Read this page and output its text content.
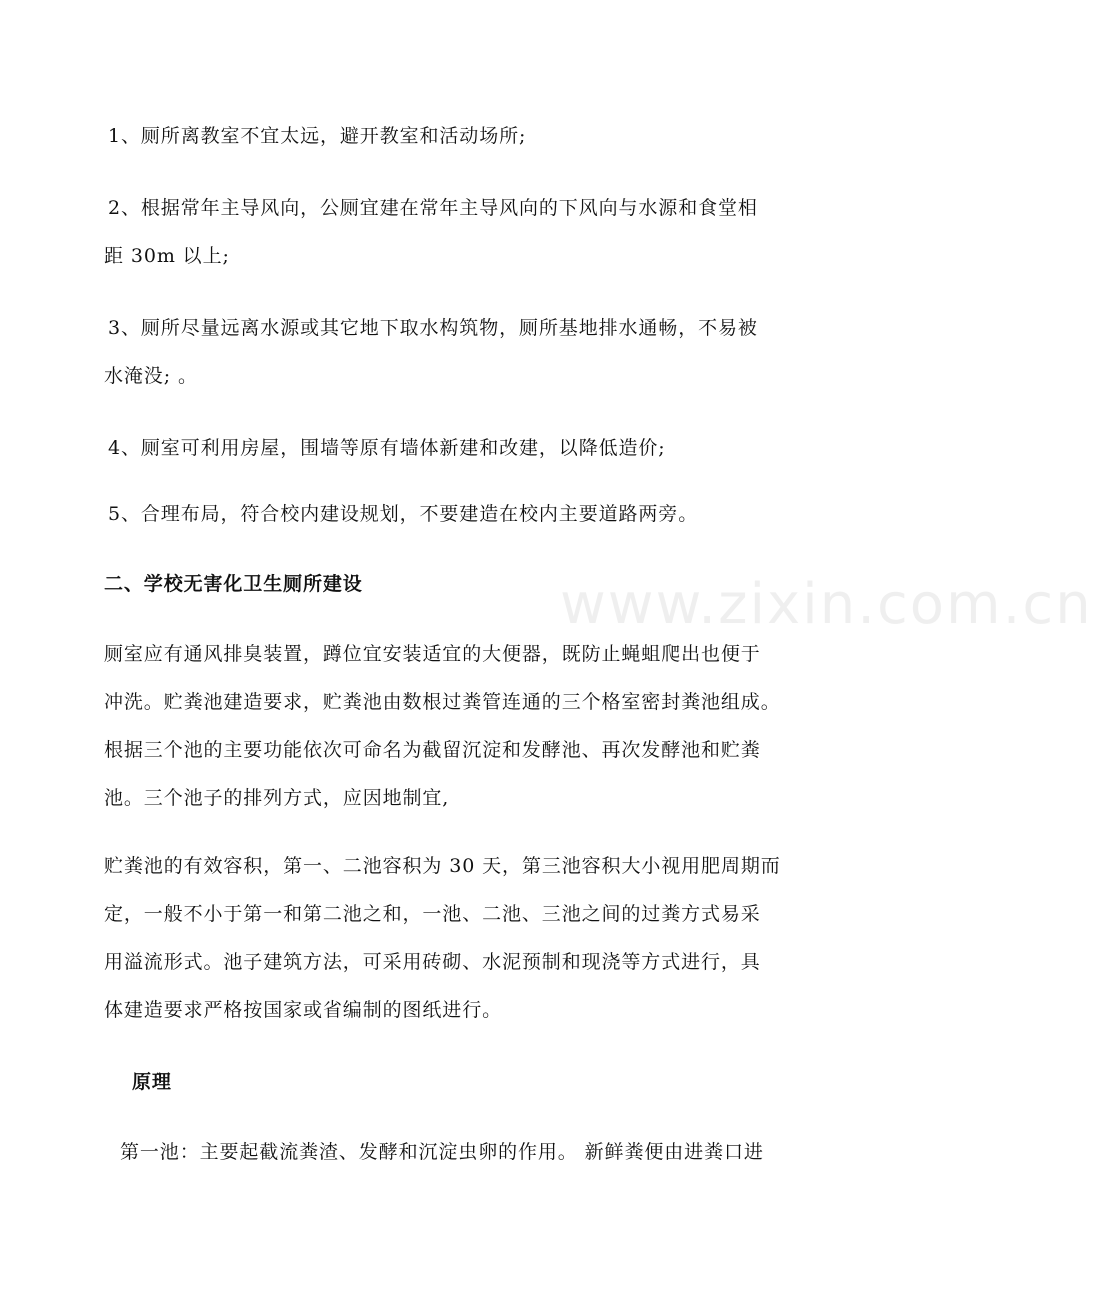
www.zixin.com.cn
1、厕所离教室不宜太远，避开教室和活动场所;
2、根据常年主导风向，公厕宜建在常年主导风向的下风向与水源和食堂相
距 30m 以上;
3、厕所尽量远离水源或其它地下取水构筑物，厕所基地排水通畅，不易被
水淹没; 。
4、厕室可利用房屋，围墙等原有墙体新建和改建，以降低造价;
5、合理布局，符合校内建设规划，不要建造在校内主要道路两旁。
二、学校无害化卫生厕所建设
厕室应有通风排臭装置，蹲位宜安装适宜的大便器，既防止蝇蛆爬出也便于
冲洗。贮粪池建造要求，贮粪池由数根过粪管连通的三个格室密封粪池组成。
根据三个池的主要功能依次可命名为截留沉淀和发酵池、再次发酵池和贮粪
池。三个池子的排列方式，应因地制宜,
贮粪池的有效容积，第一、二池容积为 30 天，第三池容积大小视用肥周期而
定，一般不小于第一和第二池之和，一池、二池、三池之间的过粪方式易采
用溢流形式。池子建筑方法，可采用砖砌、水泥预制和现浇等方式进行，具
体建造要求严格按国家或省编制的图纸进行。
原理
第一池：主要起截流粪渣、发酵和沉淀虫卵的作用。 新鲜粪便由进粪口进
